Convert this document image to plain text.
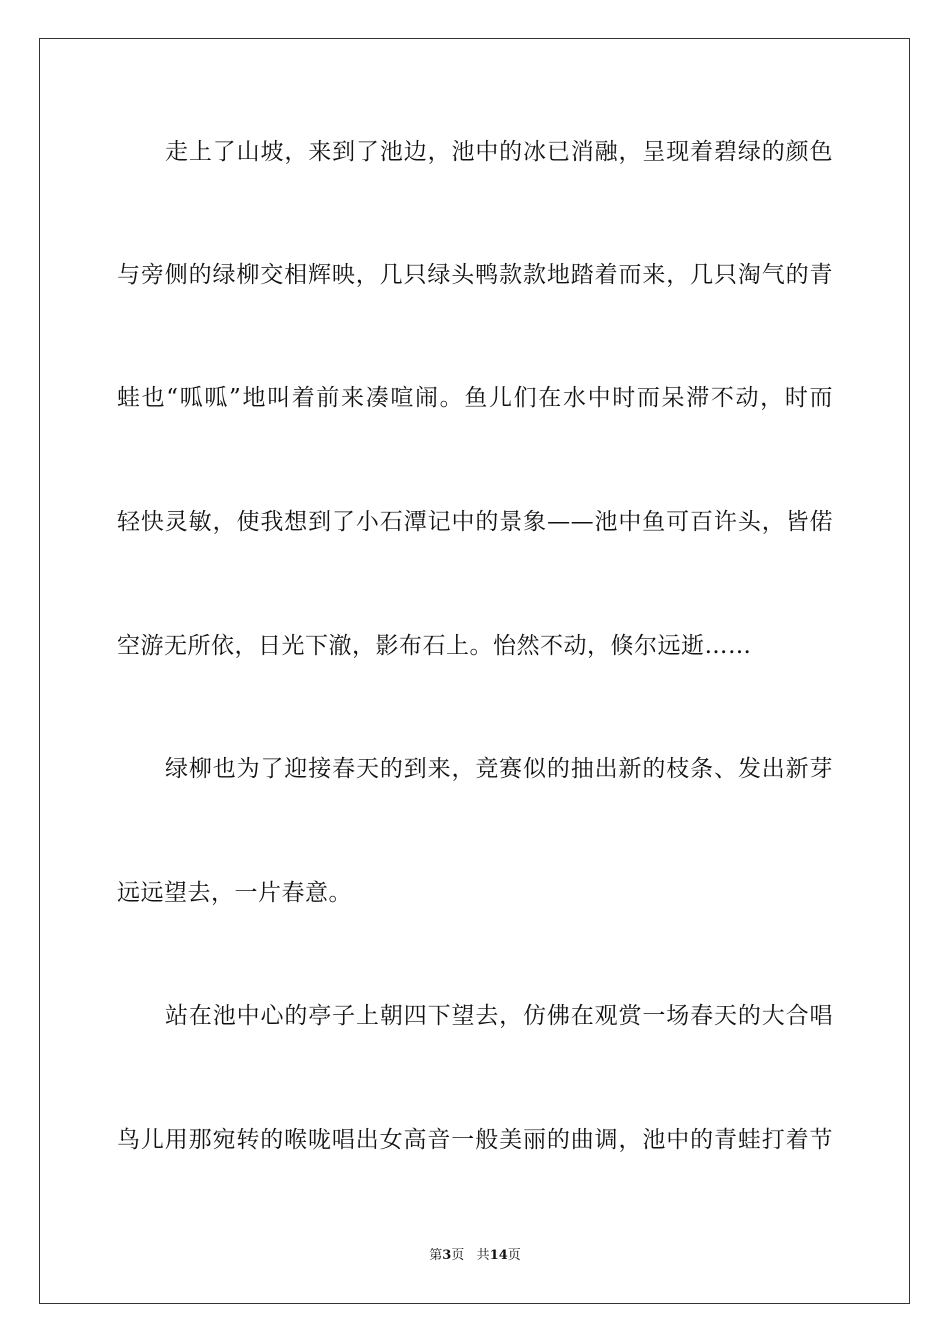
走上了山坡，来到了池边，池中的冰已消融，呈现着碧绿的颜色
与旁侧的绿柳交相辉映，几只绿头鸭款款地踏着而来，几只淘气的青
蛙也“呱呱”地叫着前来凑喧闹。鱼儿们在水中时而呆滞不动，时而
轻快灵敏，使我想到了小石潭记中的景象——池中鱼可百许头，皆偌
空游无所依，日光下澈，影布石上。怡然不动，倏尔远逝……
绿柳也为了迎接春天的到来，竞赛似的抽出新的枝条、发出新芽
远远望去，一片春意。
站在池中心的亭子上朝四下望去，仿佛在观赏一场春天的大合唱
鸟儿用那宛转的喉咙唱出女高音一般美丽的曲调，池中的青蛙打着节
第3页 共14页
